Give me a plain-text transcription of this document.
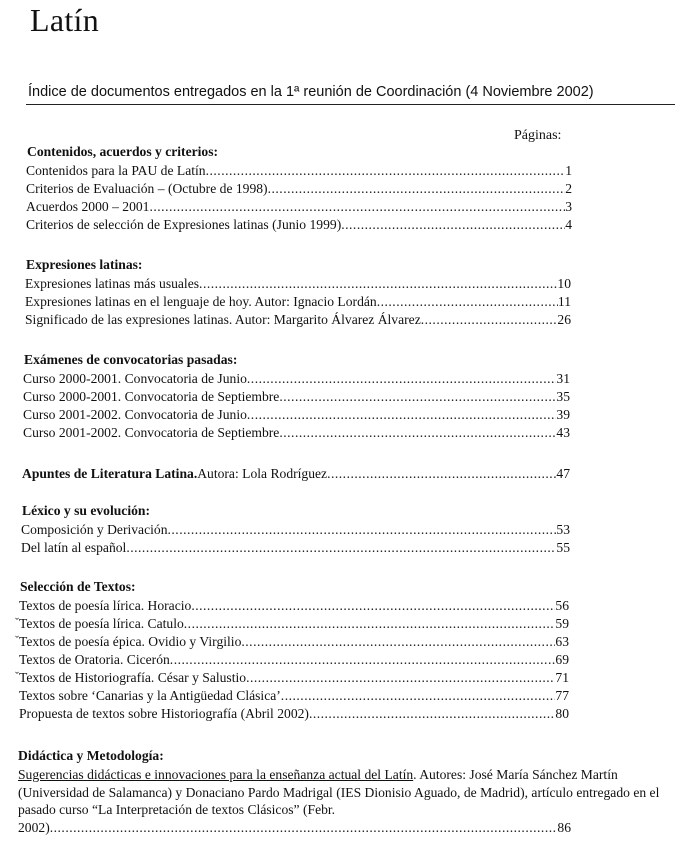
Latín
Índice de documentos entregados en la 1ª reunión de Coordinación (4 Noviembre 2002)
Páginas:
Contenidos, acuerdos y criterios:
Contenidos para la PAU de Latín .....	1
Criterios de Evaluación – (Octubre de 1998) .....	2
Acuerdos 2000 – 2001 .....	3
Criterios de selección de Expresiones latinas (Junio 1999) .....	4
Expresiones latinas:
Expresiones latinas más usuales .....	10
Expresiones latinas en el lenguaje de hoy. Autor: Ignacio Lordán .....	11
Significado de las expresiones latinas. Autor: Margarito Álvarez Álvarez .....	26
Exámenes de convocatorias pasadas:
Curso 2000-2001. Convocatoria de Junio .....	31
Curso 2000-2001. Convocatoria de Septiembre .....	35
Curso 2001-2002. Convocatoria de Junio .....	39
Curso 2001-2002. Convocatoria de Septiembre .....	43
Apuntes de Literatura Latina. Autora: Lola Rodríguez .....	47
Léxico y su evolución:
Composición y Derivación .....	53
Del latín al español .....	55
Selección de Textos:
Textos de poesía lírica. Horacio .....	56
ˇ Textos de poesía lírica. Catulo .....	59
ˇ Textos de poesía épica. Ovidio y Virgilio .....	63
Textos de Oratoria. Cicerón .....	69
ˇ Textos de Historiografía. César y Salustio .....	71
Textos sobre ‘Canarias y la Antigüedad Clásica’ .....	77
Propuesta de textos sobre Historiografía (Abril 2002) .....	80
Didáctica y Metodología:
Sugerencias didácticas e innovaciones para la enseñanza actual del Latín. Autores: José María Sánchez Martín (Universidad de Salamanca) y Donaciano Pardo Madrigal (IES Dionisio Aguado, de Madrid), artículo entregado en el pasado curso “La Interpretación de textos Clásicos” (Febr.
2002) .....	86
